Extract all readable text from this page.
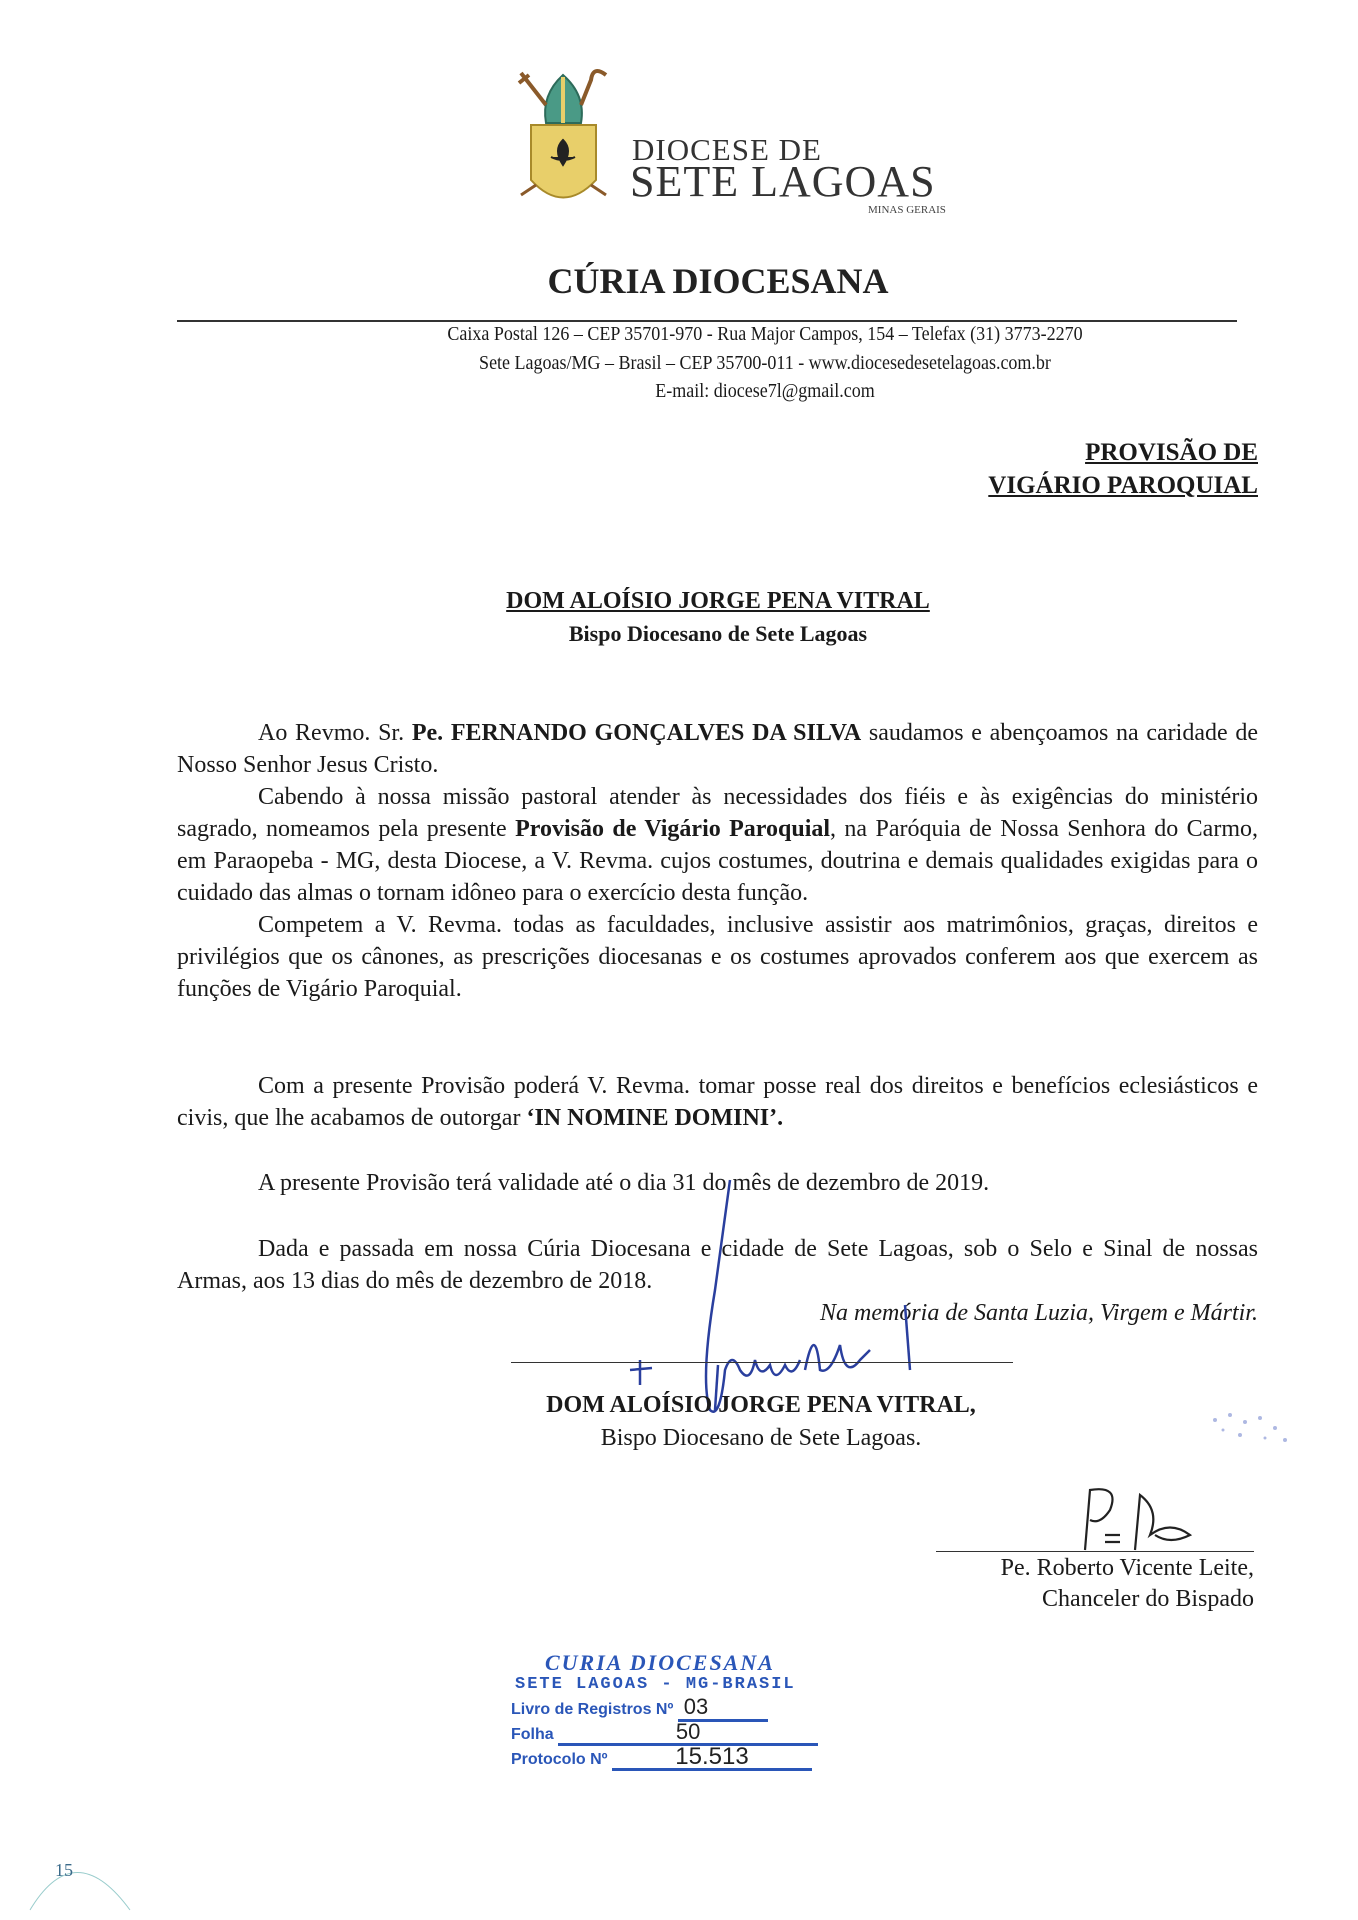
DIOCESE DE
SETE LAGOAS
MINAS GERAIS
CÚRIA DIOCESANA
Caixa Postal 126 – CEP 35701-970 - Rua Major Campos, 154 – Telefax (31) 3773-2270
Sete Lagoas/MG – Brasil – CEP 35700-011 - www.diocesedesetelagoas.com.br
E-mail: diocese7l@gmail.com
PROVISÃO DE
VIGÁRIO PAROQUIAL
DOM ALOÍSIO JORGE PENA VITRAL
Bispo Diocesano de Sete Lagoas

Ao Revmo. Sr. Pe. FERNANDO GONÇALVES DA SILVA saudamos e abençoamos na caridade de Nosso Senhor Jesus Cristo.

Cabendo à nossa missão pastoral atender às necessidades dos fiéis e às exigências do ministério sagrado, nomeamos pela presente Provisão de Vigário Paroquial, na Paróquia de Nossa Senhora do Carmo, em Paraopeba - MG, desta Diocese, a V. Revma. cujos costumes, doutrina e demais qualidades exigidas para o cuidado das almas o tornam idôneo para o exercício desta função.

Competem a V. Revma. todas as faculdades, inclusive assistir aos matrimônios, graças, direitos e privilégios que os cânones, as prescrições diocesanas e os costumes aprovados conferem aos que exercem as funções de Vigário Paroquial.

Com a presente Provisão poderá V. Revma. tomar posse real dos direitos e benefícios eclesiásticos e civis, que lhe acabamos de outorgar ‘IN NOMINE DOMINI’.

A presente Provisão terá validade até o dia 31 do mês de dezembro de 2019.

Dada e passada em nossa Cúria Diocesana e cidade de Sete Lagoas, sob o Selo e Sinal de nossas Armas, aos 13 dias do mês de dezembro de 2018.

Na memória de Santa Luzia, Virgem e Mártir.
DOM ALOÍSIO JORGE PENA VITRAL,
Bispo Diocesano de Sete Lagoas.
Pe. Roberto Vicente Leite,
Chanceler do Bispado
CURIA DIOCESANA
SETE LAGOAS - MG-BRASIL
Livro de Registros Nº 03
Folha	50
Protocolo Nº	15.513
15
